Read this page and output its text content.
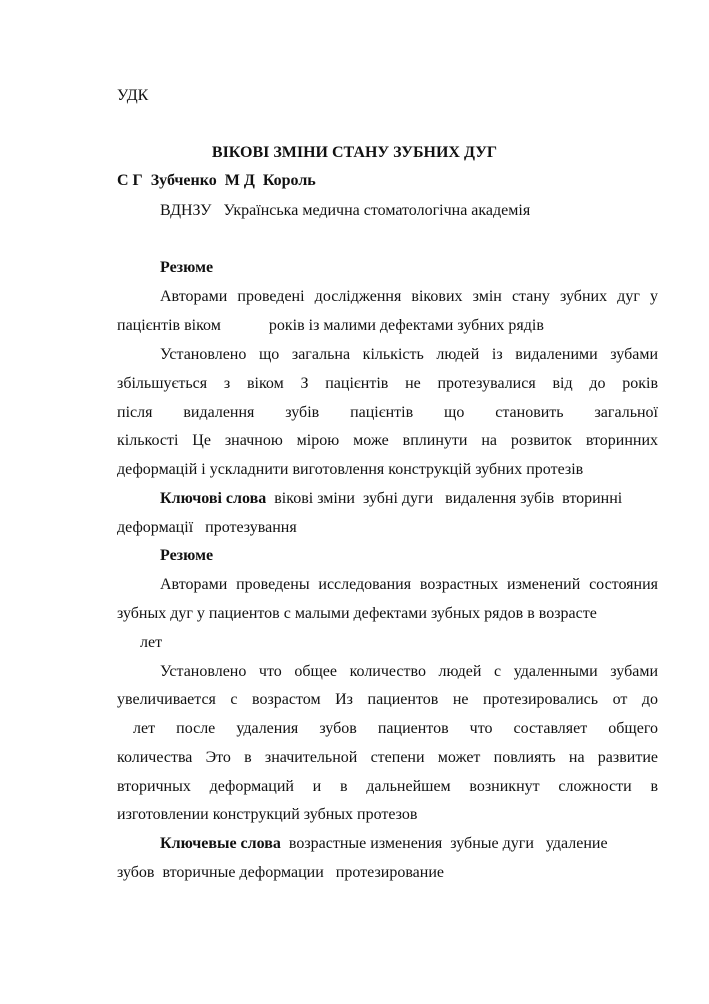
УДК
ВІКОВІ ЗМІНИ СТАНУ ЗУБНИХ ДУГ
С Г  Зубченко  М Д  Король
ВДНЗУ   Українська медична стоматологічна академія
Резюме
Авторами проведені дослідження вікових змін стану зубних дуг у
пацієнтів віком            років із малими дефектами зубних рядів
Установлено що загальна кількість людей із видаленими зубами
збільшується з віком З пацієнтів не протезувалися від до років
після видалення зубів пацієнтів що становить загальної
кількості Це значною мірою може вплинути на розвиток вторинних
деформацій і ускладнити виготовлення конструкцій зубних протезів
Ключові слова  вікові зміни  зубні дуги   видалення зубів  вторинні
деформації   протезування
Резюме
Авторами проведены исследования возрастных изменений состояния
зубных дуг у пациентов с малыми дефектами зубных рядов в возрасте
лет
Установлено что общее количество людей с удаленными зубами
увеличивается с возрастом Из пациентов не протезировались от до
лет после удаления зубов пациентов что составляет общего
количества Это в значительной степени может повлиять на развитие
вторичных деформаций и в дальнейшем возникнут сложности в
изготовлении конструкций зубных протезов
Ключевые слова  возрастные изменения  зубные дуги   удаление
зубов  вторичные деформации   протезирование
